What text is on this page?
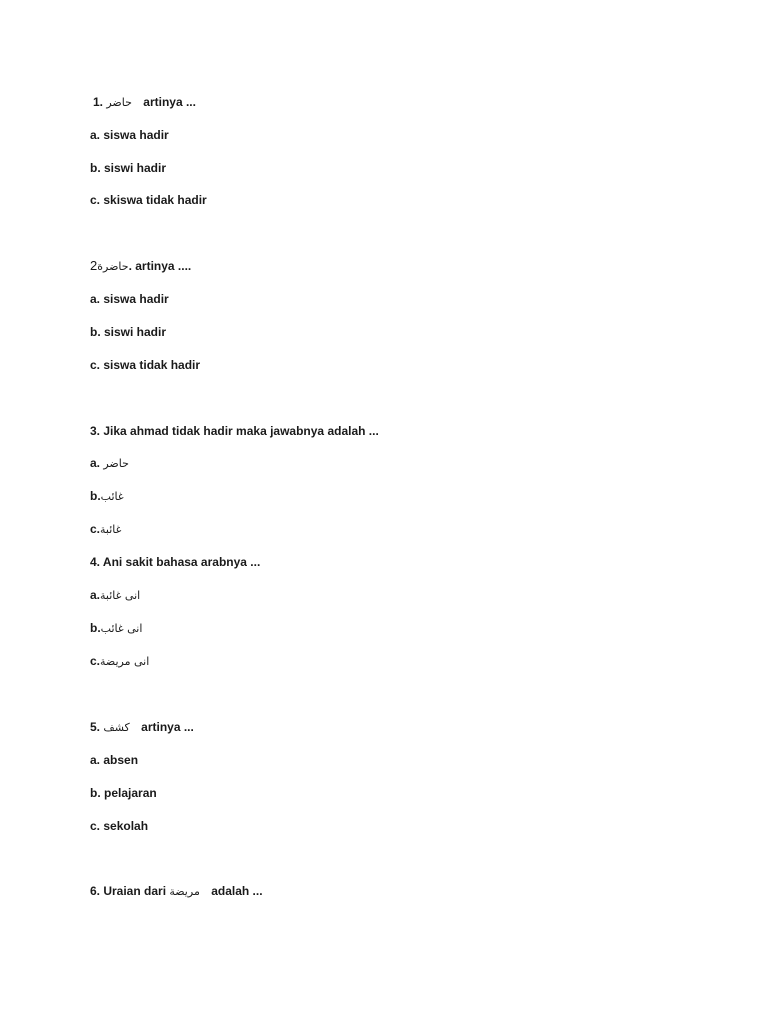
1. حاضر artinya ...
a. siswa hadir
b. siswi hadir
c. skiswa tidak hadir
2حاضرة. artinya ....
a. siswa hadir
b. siswi hadir
c. siswa tidak hadir
3. Jika ahmad tidak hadir maka jawabnya adalah ...
a. حاضر
b.غائب
c.غائبة
4. Ani sakit bahasa arabnya ...
a.انى غائبة
b.انى غائب
c.انى مريضة
5. كشف artinya ...
a. absen
b. pelajaran
c. sekolah
6. Uraian dari مريضة adalah ...
